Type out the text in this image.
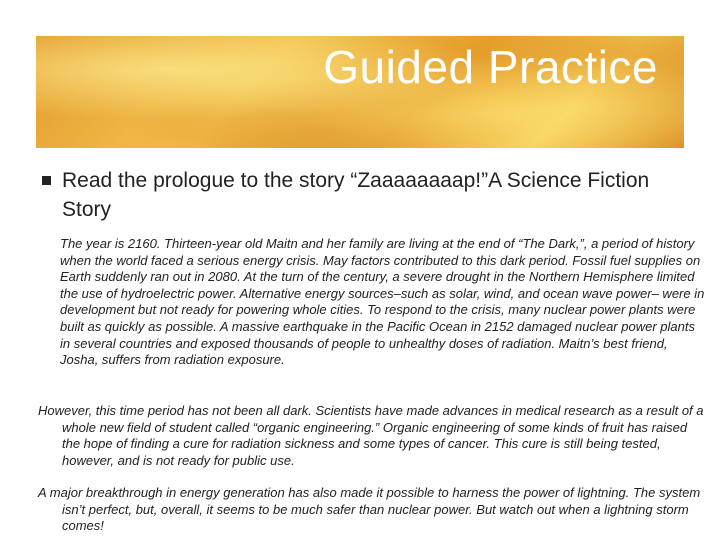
Guided Practice

Read the prologue to the story “Zaaaaaaaap!”A Science Fiction Story

The year is 2160. Thirteen-year old Maitn and her family are living at the end of “The Dark,”, a period of history when the world faced a serious energy crisis. May factors contributed to this dark period. Fossil fuel supplies on Earth suddenly ran out in 2080. At the turn of the century, a severe drought in the Northern Hemisphere limited the use of hydroelectric power. Alternative energy sources–such as solar, wind, and ocean wave power– were in development but not ready for powering whole cities. To respond to the crisis, many nuclear power plants were built as quickly as possible. A massive earthquake in the Pacific Ocean in 2152 damaged nuclear power plants in several countries and exposed thousands of people to unhealthy doses of radiation. Maitn’s best friend, Josha, suffers from radiation exposure.

However, this time period has not been all dark. Scientists have made advances in medical research as a result of a whole new field of student called “organic engineering.” Organic engineering of some kinds of fruit has raised the hope of finding a cure for radiation sickness and some types of cancer. This cure is still being tested, however, and is not ready for public use.

A major breakthrough in energy generation has also made it possible to harness the power of lightning. The system isn’t perfect, but, overall, it seems to be much safer than nuclear power. But watch out when a lightning storm comes!
